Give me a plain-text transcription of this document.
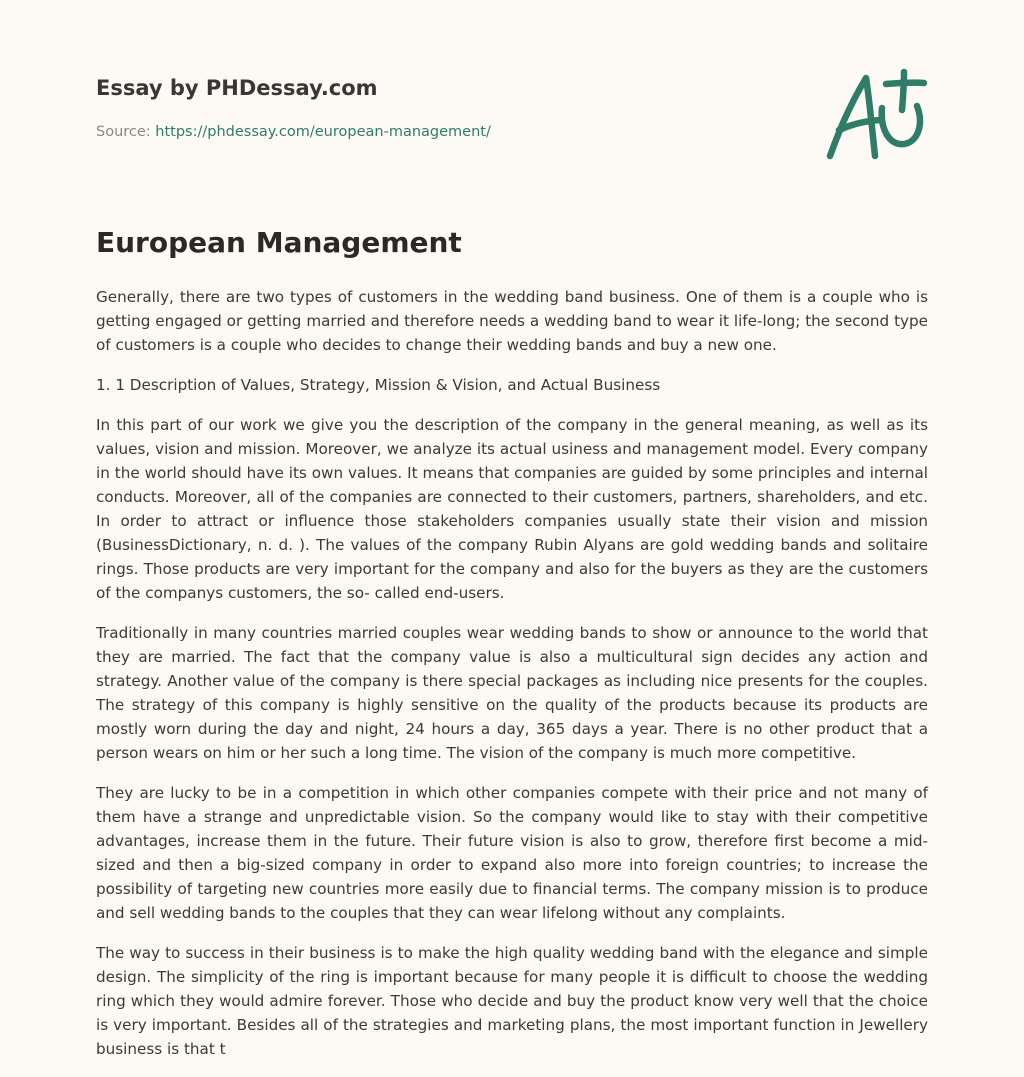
Essay by PHDessay.com
Source: https://phdessay.com/european-management/
European Management

Generally, there are two types of customers in the wedding band business. One of them is a couple who is getting engaged or getting married and therefore needs a wedding band to wear it life-long; the second type of customers is a couple who decides to change their wedding bands and buy a new one.

1. 1 Description of Values, Strategy, Mission & Vision, and Actual Business

In this part of our work we give you the description of the company in the general meaning, as well as its values, vision and mission. Moreover, we analyze its actual usiness and management model. Every company in the world should have its own values. It means that companies are guided by some principles and internal conducts. Moreover, all of the companies are connected to their customers, partners, shareholders, and etc. In order to attract or influence those stakeholders companies usually state their vision and mission (BusinessDictionary, n. d. ). The values of the company Rubin Alyans are gold wedding bands and solitaire rings. Those products are very important for the company and also for the buyers as they are the customers of the companys customers, the so- called end-users.

Traditionally in many countries married couples wear wedding bands to show or announce to the world that they are married. The fact that the company value is also a multicultural sign decides any action and strategy. Another value of the company is there special packages as including nice presents for the couples. The strategy of this company is highly sensitive on the quality of the products because its products are mostly worn during the day and night, 24 hours a day, 365 days a year. There is no other product that a person wears on him or her such a long time. The vision of the company is much more competitive.

They are lucky to be in a competition in which other companies compete with their price and not many of them have a strange and unpredictable vision. So the company would like to stay with their competitive advantages, increase them in the future. Their future vision is also to grow, therefore first become a mid-sized and then a big-sized company in order to expand also more into foreign countries; to increase the possibility of targeting new countries more easily due to financial terms. The company mission is to produce and sell wedding bands to the couples that they can wear lifelong without any complaints.

The way to success in their business is to make the high quality wedding band with the elegance and simple design. The simplicity of the ring is important because for many people it is difficult to choose the wedding ring which they would admire forever. Those who decide and buy the product know very well that the choice is very important. Besides all of the strategies and marketing plans, the most important function in Jewellery business is that t
